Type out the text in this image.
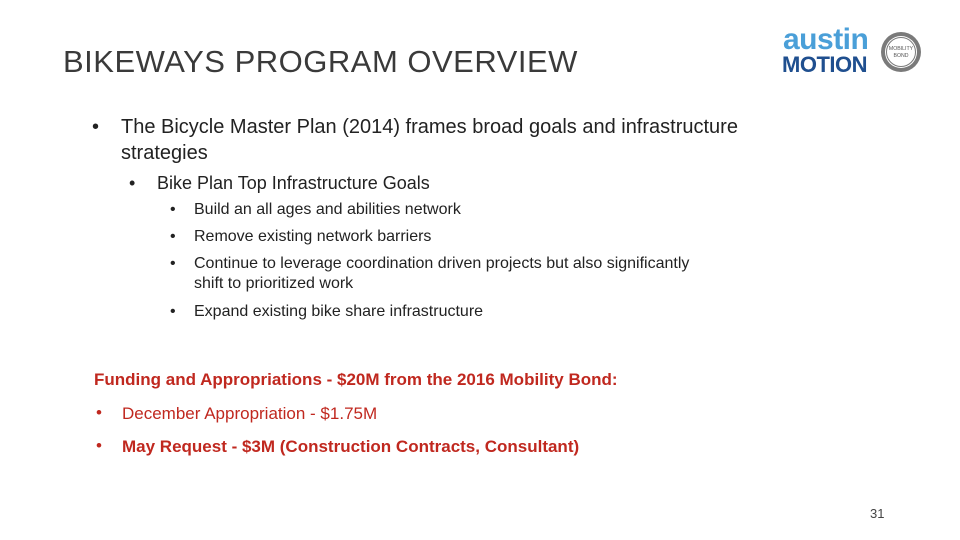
BIKEWAYS PROGRAM OVERVIEW
austin
MOTION
MOBILITY
BOND
• The Bicycle Master Plan (2014) frames broad goals and infrastructure
strategies
• Bike Plan Top Infrastructure Goals
• Build an all ages and abilities network
• Remove existing network barriers
• Continue to leverage coordination driven projects but also significantly
shift to prioritized work
• Expand existing bike share infrastructure
Funding and Appropriations - $20M from the 2016 Mobility Bond:
• December Appropriation - $1.75M
• May Request - $3M (Construction Contracts, Consultant)
31
